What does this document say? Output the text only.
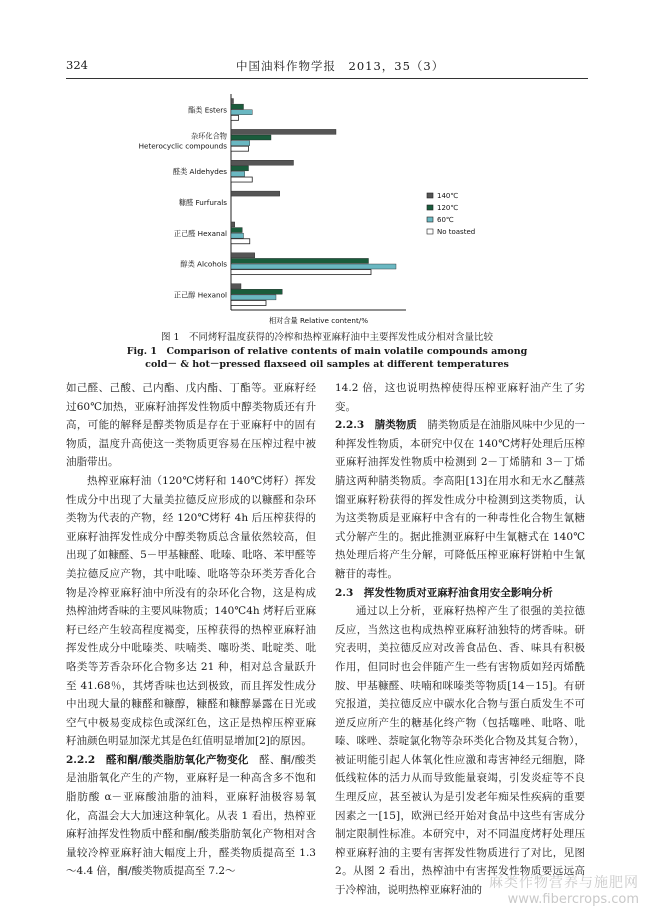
324	中国油料作物学报　2013，35（3）
酯类 Esters
杂环化合物
Heterocyclic compounds
醛类 Aldehydes
糠醛 Furfurals
正己醛 Hexanal
醇类 Alcohols
正己醇 Hexanol
140℃
120℃
60℃
No toasted
相对含量 Relative content/%
图 1　不同烤籽温度获得的冷榨和热榨亚麻籽油中主要挥发性成分相对含量比较
Fig. 1　Comparison of relative contents of main volatile compounds among
cold－ & hot－pressed flaxseed oil samples at different temperatures

如己醛、己酸、己内酯、戊内酯、丁酯等。亚麻籽经过60℃加热，亚麻籽油挥发性物质中醇类物质还有升高，可能的解释是醇类物质是存在于亚麻籽中的固有物质，温度升高使这一类物质更容易在压榨过程中被油脂带出。

热榨亚麻籽油（120℃烤籽和 140℃烤籽）挥发性成分中出现了大量美拉德反应形成的以糠醛和杂环类物为代表的产物，经 120℃烤籽 4h 后压榨获得的亚麻籽油挥发性成分中醇类物质总含量依然较高，但出现了如糠醛、5－甲基糠醛、吡嗪、吡咯、苯甲醛等美拉德反应产物，其中吡嗪、吡咯等杂环类芳香化合物是冷榨亚麻籽油中所没有的杂环化合物，这是构成热榨油烤香味的主要风味物质；140℃4h 烤籽后亚麻籽已经产生较高程度褐变，压榨获得的热榨亚麻籽油挥发性成分中吡嗪类、呋喃类、噻吩类、吡啶类、吡咯类等芳香杂环化合物多达 21 种，相对总含量跃升至 41.68％，其烤香味也达到极致，而且挥发性成分中出现大量的糠醛和糠醇，糠醛和糠醇暴露在日光或空气中极易变成棕色或深红色，这正是热榨压榨亚麻籽油颜色明显加深尤其是色红值明显增加[2]的原因。

2.2.2　醛和酮/酸类脂肪氧化产物变化　醛、酮/酸类是油脂氧化产生的产物，亚麻籽是一种高含多不饱和脂肪酸 α－亚麻酸油脂的油料，亚麻籽油极容易氧化，高温会大大加速这种氧化。从表 1 看出，热榨亚麻籽油挥发性物质中醛和酮/酸类脂肪氧化产物相对含量较冷榨亚麻籽油大幅度上升，醛类物质提高至 1.3～4.4 倍，酮/酸类物质提高至 7.2～

14.2 倍，这也说明热榨使得压榨亚麻籽油产生了劣变。

2.2.3　腈类物质　腈类物质是在油脂风味中少见的一种挥发性物质，本研究中仅在 140℃烤籽处理后压榨亚麻籽油挥发性物质中检测到 2－丁烯腈和 3－丁烯腈这两种腈类物质。李高阳[13]在用水和无水乙醚蒸馏亚麻籽粉获得的挥发性成分中检测到这类物质，认为这类物质是亚麻籽中含有的一种毒性化合物生氰糖式分解产生的。据此推测亚麻籽中生氰糖式在 140℃热处理后将产生分解，可降低压榨亚麻籽饼粕中生氰糖苷的毒性。

2.3　挥发性物质对亚麻籽油食用安全影响分析

通过以上分析，亚麻籽热榨产生了很强的美拉德反应，当然这也构成热榨亚麻籽油独特的烤香味。研究表明，美拉德反应对改善食品色、香、味具有积极作用，但同时也会伴随产生一些有害物质如羟丙烯酰胺、甲基糠醛、呋喃和咪嗪类等物质[14－15]。有研究报道，美拉德反应中碳水化合物与蛋白质发生不可逆反应所产生的糖基化终产物（包括噻唑、吡咯、吡嗪、咪唑、萘啶氯化物等杂环类化合物及其复合物），被证明能引起人体氧化性应激和毒害神经元细胞，降低线粒体的活力从而导致能量衰竭，引发炎症等不良生理反应，甚至被认为是引发老年痴呆性疾病的重要因素之一[15]，欧洲已经开始对食品中这些有害成分制定限制性标准。本研究中，对不同温度烤籽处理压榨亚麻籽油的主要有害挥发性物质进行了对比，见图 2。从图 2 看出，热榨油中有害挥发性物质要远远高于冷榨油，说明热榨亚麻籽油的 麻类作物营养与施肥网
www.fibercrops.com
